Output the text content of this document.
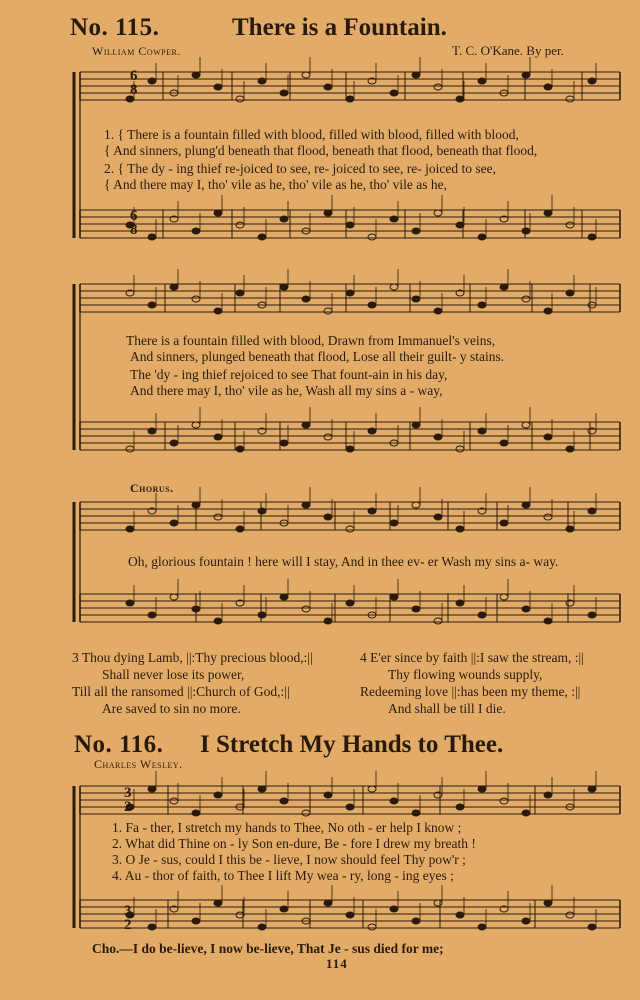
No. 115.	There is a Fountain.
William Cowper.	T. C. O'Kane. By per.
6
8
6
8
1. { There is a fountain filled with blood, filled with blood, filled with blood,
{ And sinners, plung'd beneath that flood, beneath that flood, beneath that flood,
2. { The dy - ing thief re-joiced to see, re- joiced to see, re- joiced to see,
{ And there may I, tho' vile as he, tho' vile as he, tho' vile as he,
There is a fountain filled with blood, Drawn from Immanuel's veins,
And sinners, plunged beneath that flood, Lose all their guilt- y stains.
The 'dy - ing thief rejoiced to see That fount-ain in his day,
And there may I, tho' vile as he, Wash all my sins a - way,
Chorus.
Oh, glorious fountain ! here will I stay, And in thee ev- er Wash my sins a- way.
3 Thou dying Lamb, ||:Thy precious blood,:||
Shall never lose its power,
Till all the ransomed ||:Church of God,:||
Are saved to sin no more.
4 E'er since by faith ||:I saw the stream, :||
Thy flowing wounds supply,
Redeeming love ||:has been my theme, :||
And shall be till I die.
No. 116. I Stretch My Hands to Thee.
Charles Wesley.
3
2
3
2
1. Fa - ther, I stretch my hands to Thee, No oth - er help I know ;
2. What did Thine on - ly Son en-dure, Be - fore I drew my breath !
3. O Je - sus, could I this be - lieve, I now should feel Thy pow'r ;
4. Au - thor of faith, to Thee I lift My wea - ry, long - ing eyes ;
Cho.—I do be-lieve, I now be-lieve, That Je - sus died for me;
114
